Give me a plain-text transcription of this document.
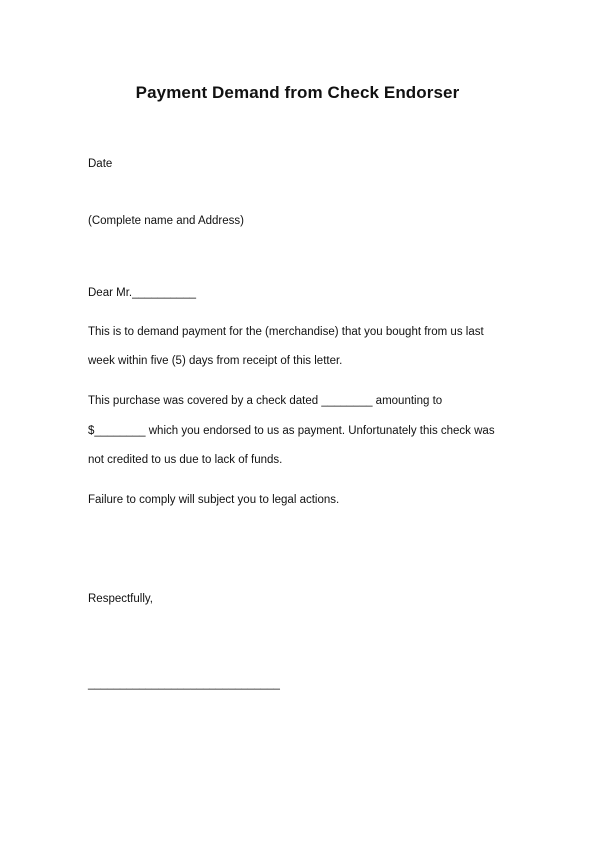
Payment Demand from Check Endorser
Date
(Complete name and Address)
Dear Mr.__________
This is to demand payment for the (merchandise) that you bought from us last
week within five (5) days from receipt of this letter.
This purchase was covered by a check dated ________ amounting to
$________ which you endorsed to us as payment. Unfortunately this check was
not credited to us due to lack of funds.
Failure to comply will subject you to legal actions.
Respectfully,
______________________________
